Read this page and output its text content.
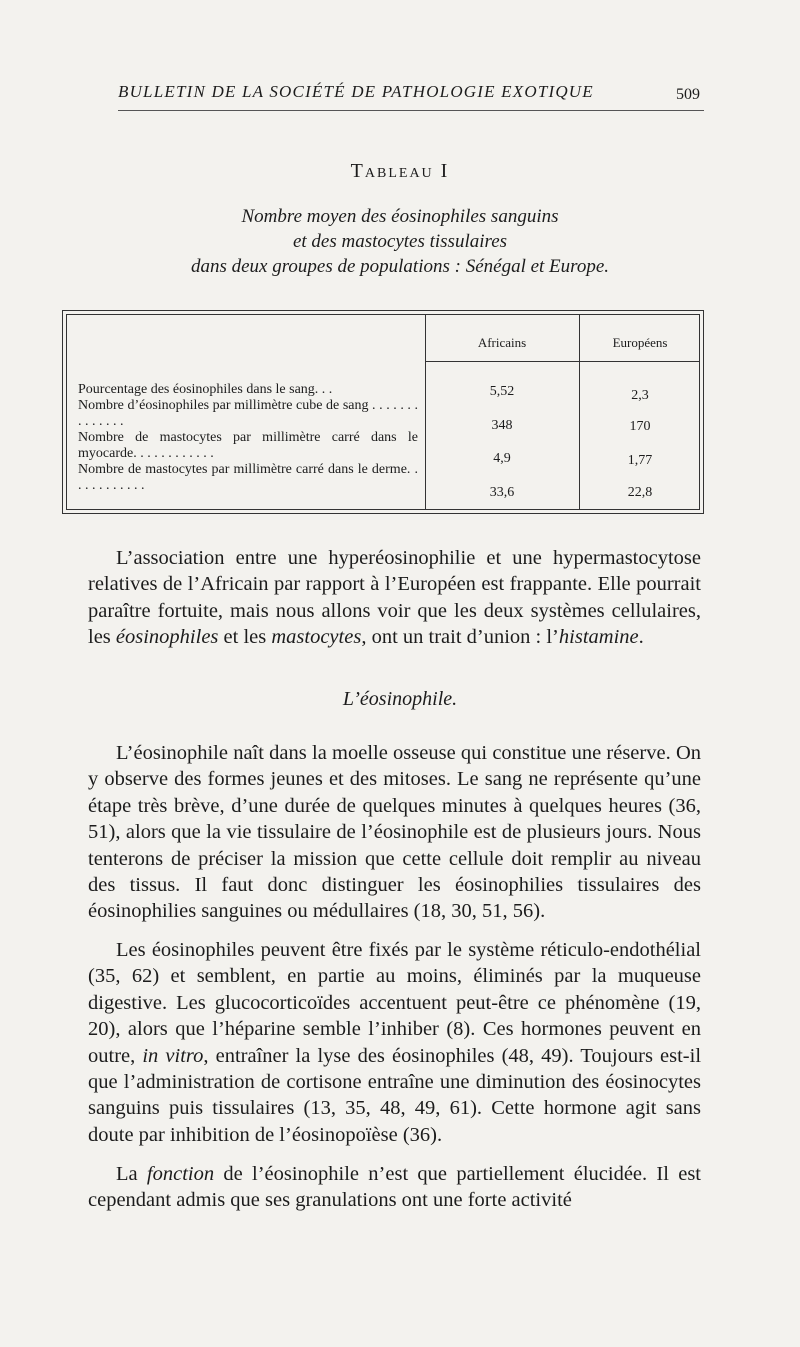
BULLETIN DE LA SOCIÉTÉ DE PATHOLOGIE EXOTIQUE	509
Tableau I
Nombre moyen des éosinophiles sanguins
et des mastocytes tissulaires
dans deux groupes de populations : Sénégal et Europe.
Africains	Européens
Pourcentage des éosinophiles dans le sang. . .	5,52	2,3
Nombre d’éosinophiles par millimètre cube de sang . . . . . . . . . . . . . .	348	170
Nombre de mastocytes par millimètre carré dans le myocarde. . . . . . . . . . . .	4,9	1,77
Nombre de mastocytes par millimètre carré dans le derme. . . . . . . . . . . .	33,6	22,8

L’association entre une hyperéosinophilie et une hypermastocytose relatives de l’Africain par rapport à l’Européen est frappante. Elle pourrait paraître fortuite, mais nous allons voir que les deux systèmes cellulaires, les éosinophiles et les mastocytes, ont un trait d’union : l’histamine.

L’éosinophile.

L’éosinophile naît dans la moelle osseuse qui constitue une réserve. On y observe des formes jeunes et des mitoses. Le sang ne représente qu’une étape très brève, d’une durée de quelques minutes à quelques heures (36, 51), alors que la vie tissulaire de l’éosinophile est de plusieurs jours. Nous tenterons de préciser la mission que cette cellule doit remplir au niveau des tissus. Il faut donc distinguer les éosinophilies tissulaires des éosinophilies sanguines ou médullaires (18, 30, 51, 56).

Les éosinophiles peuvent être fixés par le système réticulo-endothélial (35, 62) et semblent, en partie au moins, éliminés par la muqueuse digestive. Les glucocorticoïdes accentuent peut-être ce phénomène (19, 20), alors que l’héparine semble l’inhiber (8). Ces hormones peuvent en outre, in vitro, entraîner la lyse des éosinophiles (48, 49). Toujours est-il que l’administration de cortisone entraîne une diminution des éosinocytes sanguins puis tissulaires (13, 35, 48, 49, 61). Cette hormone agit sans doute par inhibition de l’éosinopoïèse (36).

La fonction de l’éosinophile n’est que partiellement élucidée. Il est cependant admis que ses granulations ont une forte activité
